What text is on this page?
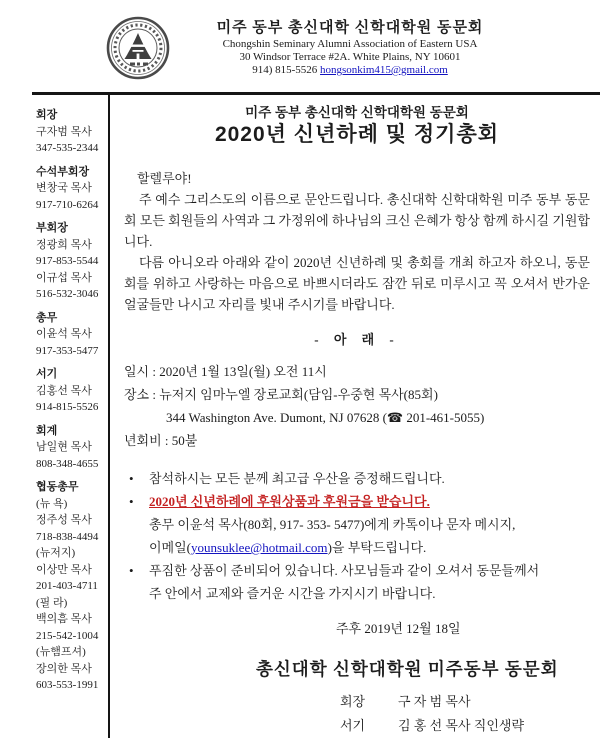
미주 동부 총신대학 신학대학원 동문회
Chongshin Seminary Alumni Association of Eastern USA
30 Windsor Terrace #2A. White Plains, NY 10601
914) 815-5526 hongsonkim415@gmail.com
회장
구자범 목사
347-535-2344
수석부회장
변창국 목사
917-710-6264
부회장
정광희 목사
917-853-5544
이규섭 목사
516-532-3046
총무
이윤석 목사
917-353-5477
서기
김홍선 목사
914-815-5526
회계
남일현 목사
808-348-4655
협동총무
(뉴 욕)
정주성 목사
718-838-4494
(뉴저지)
이상만 목사
201-403-4711
(필 라)
백의흠 목사
215-542-1004
(뉴햄프셔)
장의한 목사
603-553-1991
미주 동부 총신대학 신학대학원 동문회
2020년 신년하례 및 정기총회
할렐루야!
주 예수 그리스도의 이름으로 문안드립니다. 총신대학 신학대학원 미주 동부 동문회 모든 회원들의 사역과 그 가정위에 하나님의 크신 은혜가 항상 함께 하시길 기원합니다.
다름 아니오라 아래와 같이 2020년 신년하례 및 총회를 개최 하고자 하오니, 동문회를 위하고 사랑하는 마음으로 바쁘시더라도 잠깐 뒤로 미루시고 꼭 오셔서 반가운 얼굴들만 나시고 자리를 빛내 주시기를 바랍니다.
- 아 래 -
일시 : 2020년 1월 13일(월) 오전 11시
장소 : 뉴저지 임마누엘 장로교회(담임-우중현 목사(85회)
344 Washington Ave. Dumont, NJ 07628 (☎ 201-461-5055)
년회비 : 50불
•	참석하시는 모든 분께 최고급 우산을 증정해드립니다.
•	2020년 신년하례에 후원상품과 후원금을 받습니다.
총무 이윤석 목사(80회, 917- 353- 5477)에게 카톡이나 문자 메시지,
이메일(younsuklee@hotmail.com)을 부탁드립니다.
•	푸짐한 상품이 준비되어 있습니다. 사모님들과 같이 오셔서 동문들께서
주 안에서 교제와 즐거운 시간을 가지시기 바랍니다.
주후 2019년 12월 18일
총신대학 신학대학원 미주동부 동문회
회장	구 자 범 목사
서기	김 홍 선 목사 직인생략
